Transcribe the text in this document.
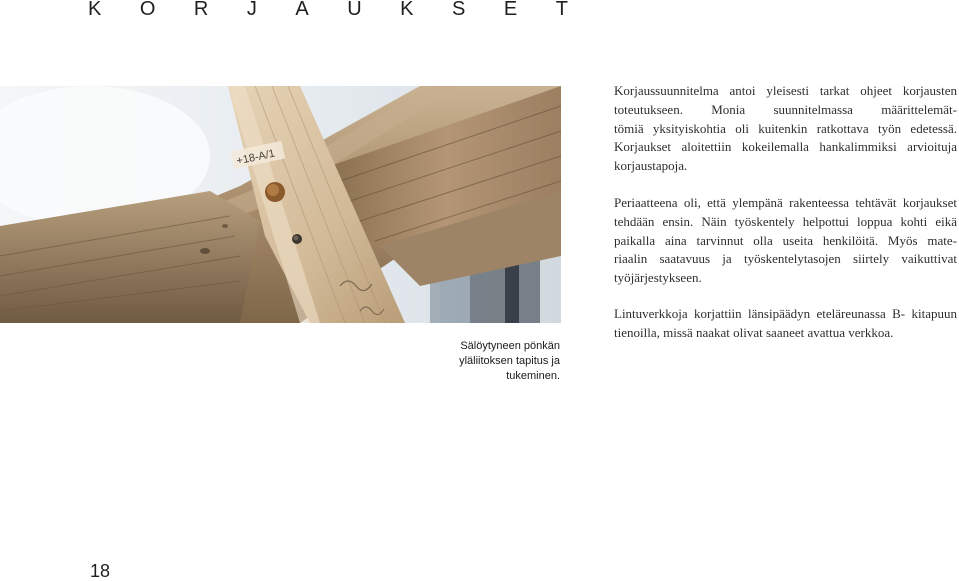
K O R J A U K S E T
+18-A/1
Sälöytyneen pönkän
yläliitoksen tapitus ja
tukeminen.
Korjaussuunnitelma antoi yleisesti tarkat ohjeet korjausten
toteutukseen. Monia suunnitelmassa määrittelemät-
tömiä yksityiskohtia oli kuitenkin ratkottava työn edetessä.
Korjaukset aloitettiin kokeilemalla hankalimmiksi arvioituja
korjaustapoja.
Periaatteena oli, että ylempänä rakenteessa tehtävät korjaukset
tehdään ensin. Näin työskentely helpottui loppua kohti eikä
paikalla aina tarvinnut olla useita henkilöitä. Myös mate-
riaalin saatavuus ja työskentelytasojen siirtely vaikuttivat
työjärjestykseen.
Lintuverkkoja korjattiin länsipäädyn eteläreunassa B- kitapuun
tienoilla, missä naakat olivat saaneet avattua verkkoa.
18
